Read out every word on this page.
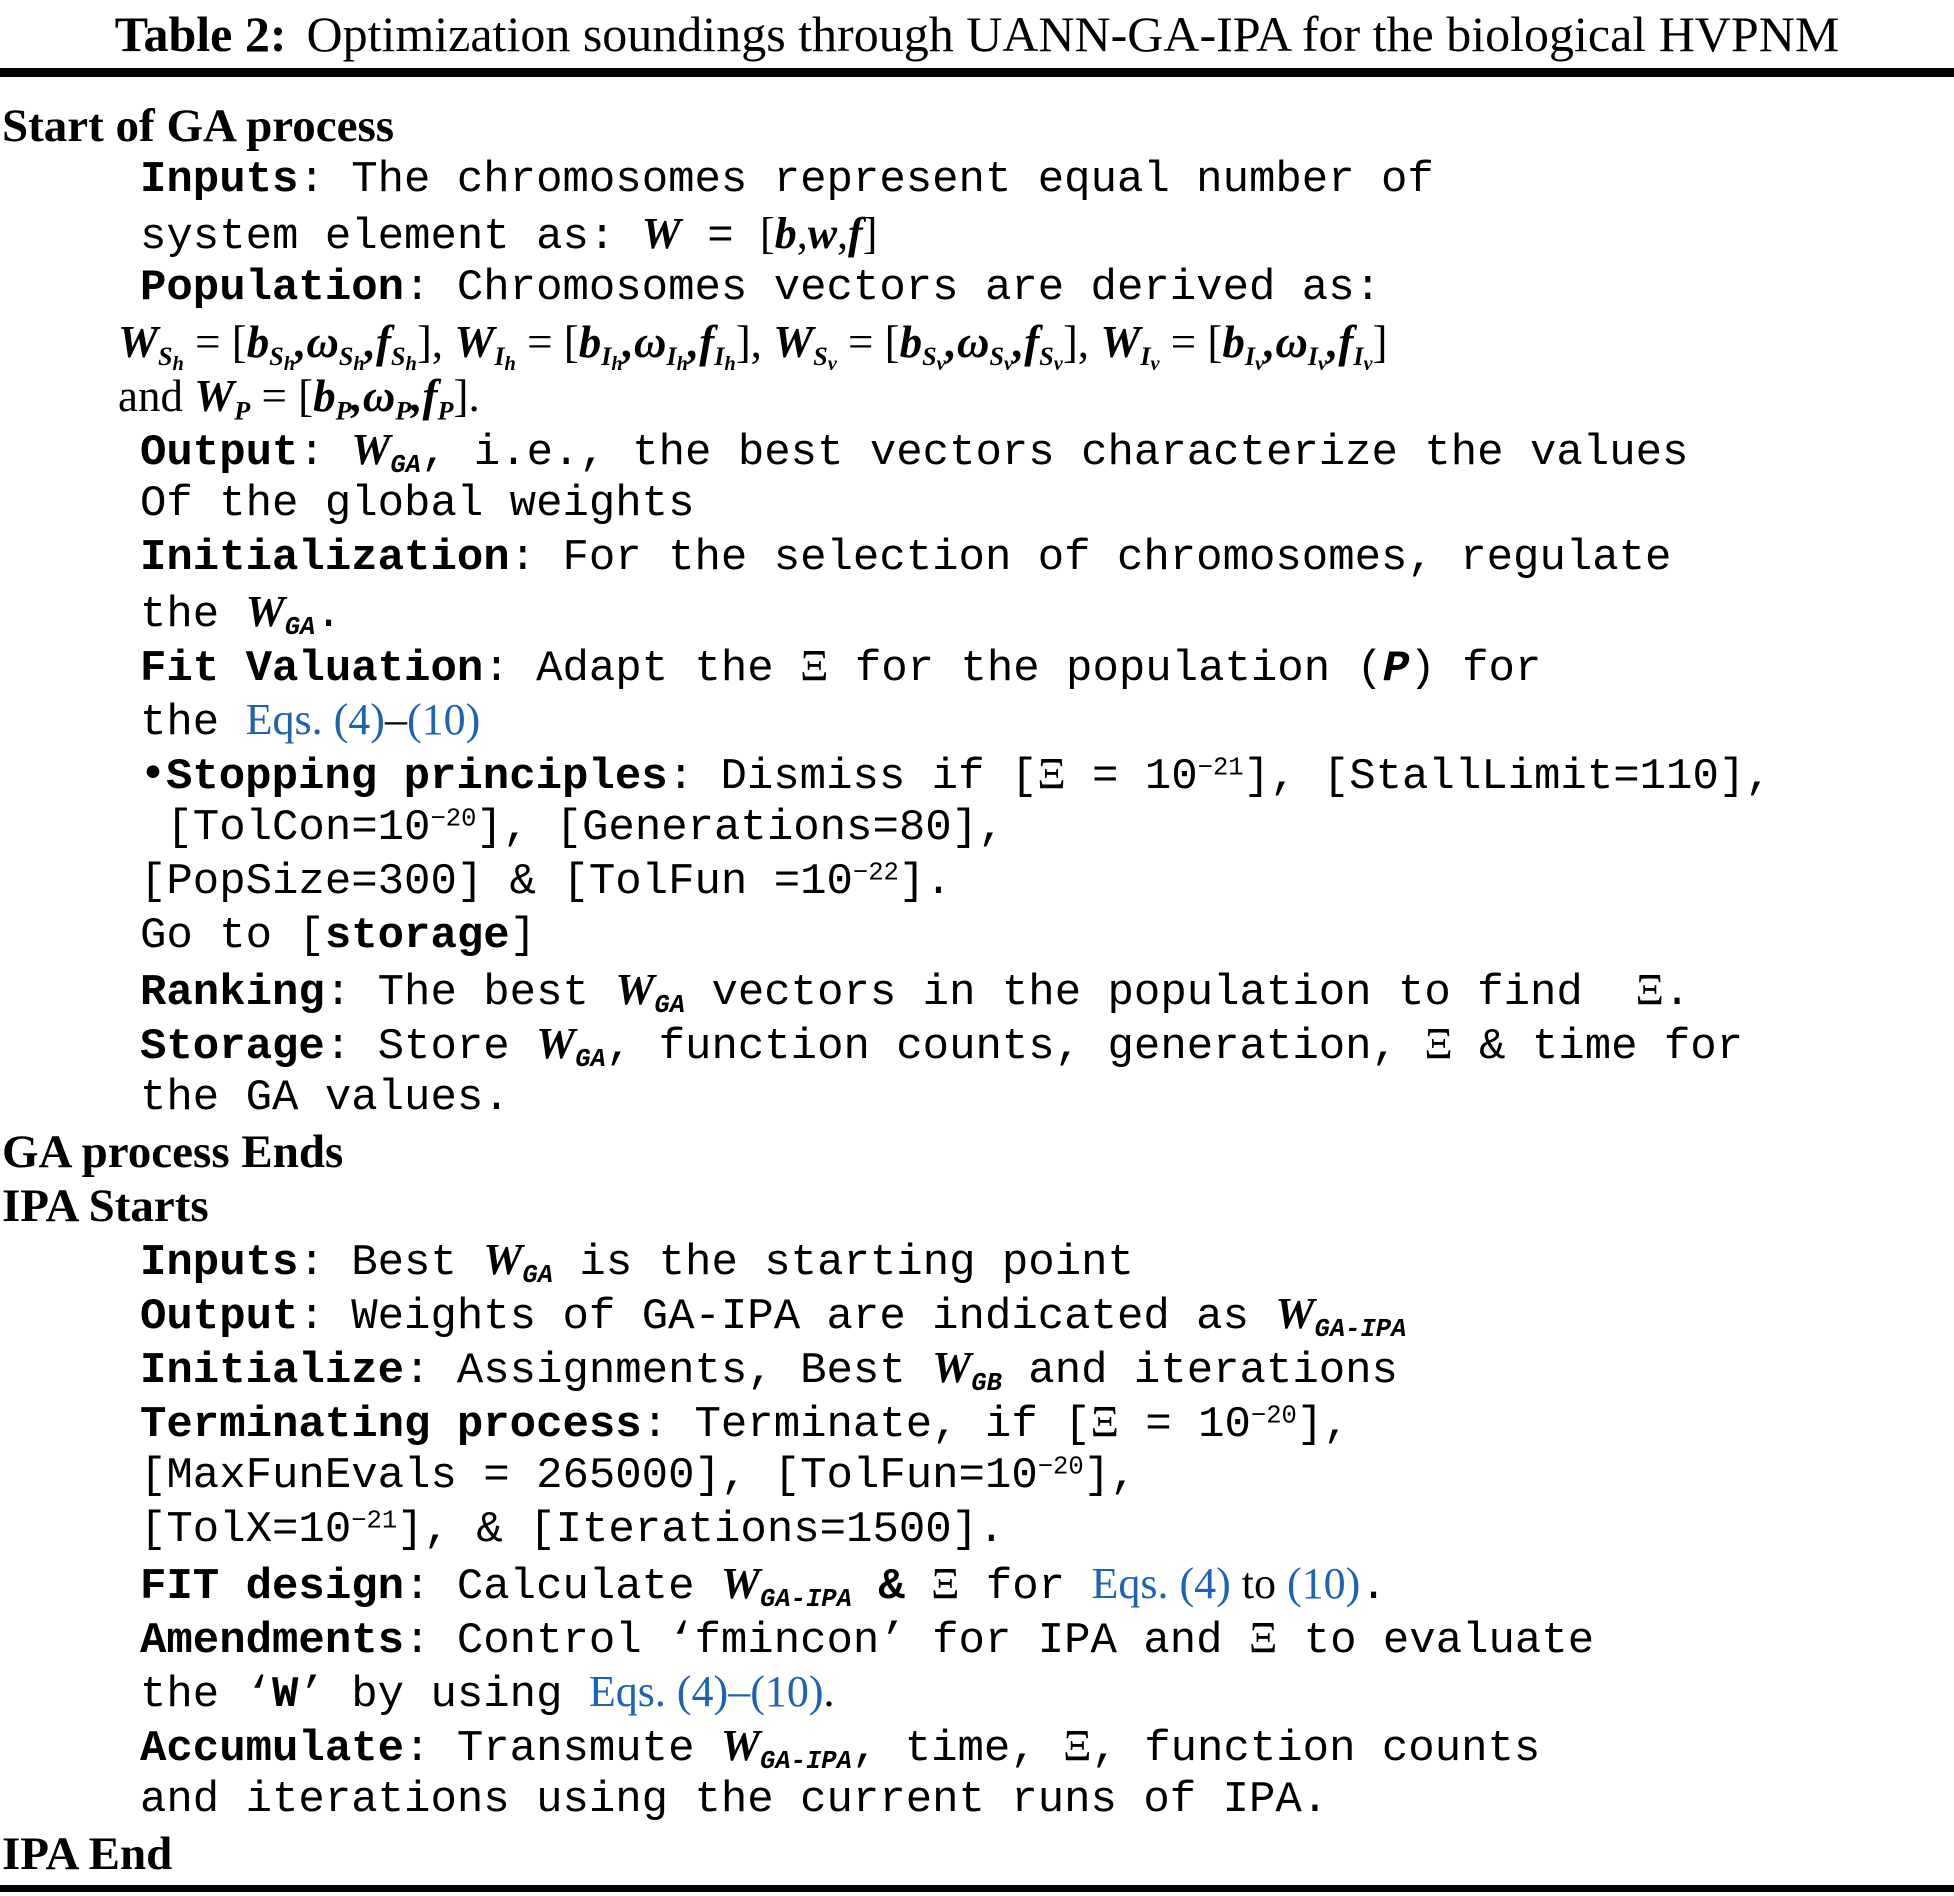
Table 2: Optimization soundings through UANN-GA-IPA for the biological HVPNM
Start of GA process
Inputs: The chromosomes represent equal number of
system element as: W = [b,w,f]
Population: Chromosomes vectors are derived as:
$W_{S_h} = [b_{S_h},\omega_{S_h},f_{S_h}]$, $W_{I_h} = [b_{I_h},\omega_{I_h},f_{I_h}]$, $W_{S_v} = [b_{S_v},\omega_{S_v},f_{S_v}]$, $W_{I_v} = [b_{I_v},\omega_{I_v},f_{I_v}]$
and $W_P = [b_P,\omega_P,f_P]$.
Output: $W_{GA}$, i.e., the best vectors characterize the values
Of the global weights
Initialization: For the selection of chromosomes, regulate
the $W_{GA}$.
Fit Valuation: Adapt the Ξ for the population (P) for
the Eqs. (4)–(10)
•Stopping principles: Dismiss if $[\Xi = 10^{-21}]$, [StallLimit=110],
$[TolCon=10^{-20}]$, [Generations=80],
[PopSize=300] & [TolFun $=10^{-22}$].
Go to [storage]
Ranking: The best $W_{GA}$ vectors in the population to find  Ξ.
Storage: Store $W_{GA}$, function counts, generation, Ξ & time for
the GA values.
GA process Ends
IPA Starts
Inputs: Best $W_{GA}$ is the starting point
Output: Weights of GA-IPA are indicated as $W_{GA-IPA}$
Initialize: Assignments, Best $W_{GB}$ and iterations
Terminating process: Terminate, if $[\Xi = 10^{-20}]$,
[MaxFunEvals = 265000], $[TolFun=10^{-20}]$,
$[TolX=10^{-21}]$, & [Iterations=1500].
FIT design: Calculate $W_{GA-IPA}$ & Ξ for Eqs. (4) to (10).
Amendments: Control ‘fmincon’ for IPA and Ξ to evaluate
the ‘W’ by using Eqs. (4)–(10).
Accumulate: Transmute $W_{GA-IPA}$, time, Ξ, function counts
and iterations using the current runs of IPA.
IPA End
